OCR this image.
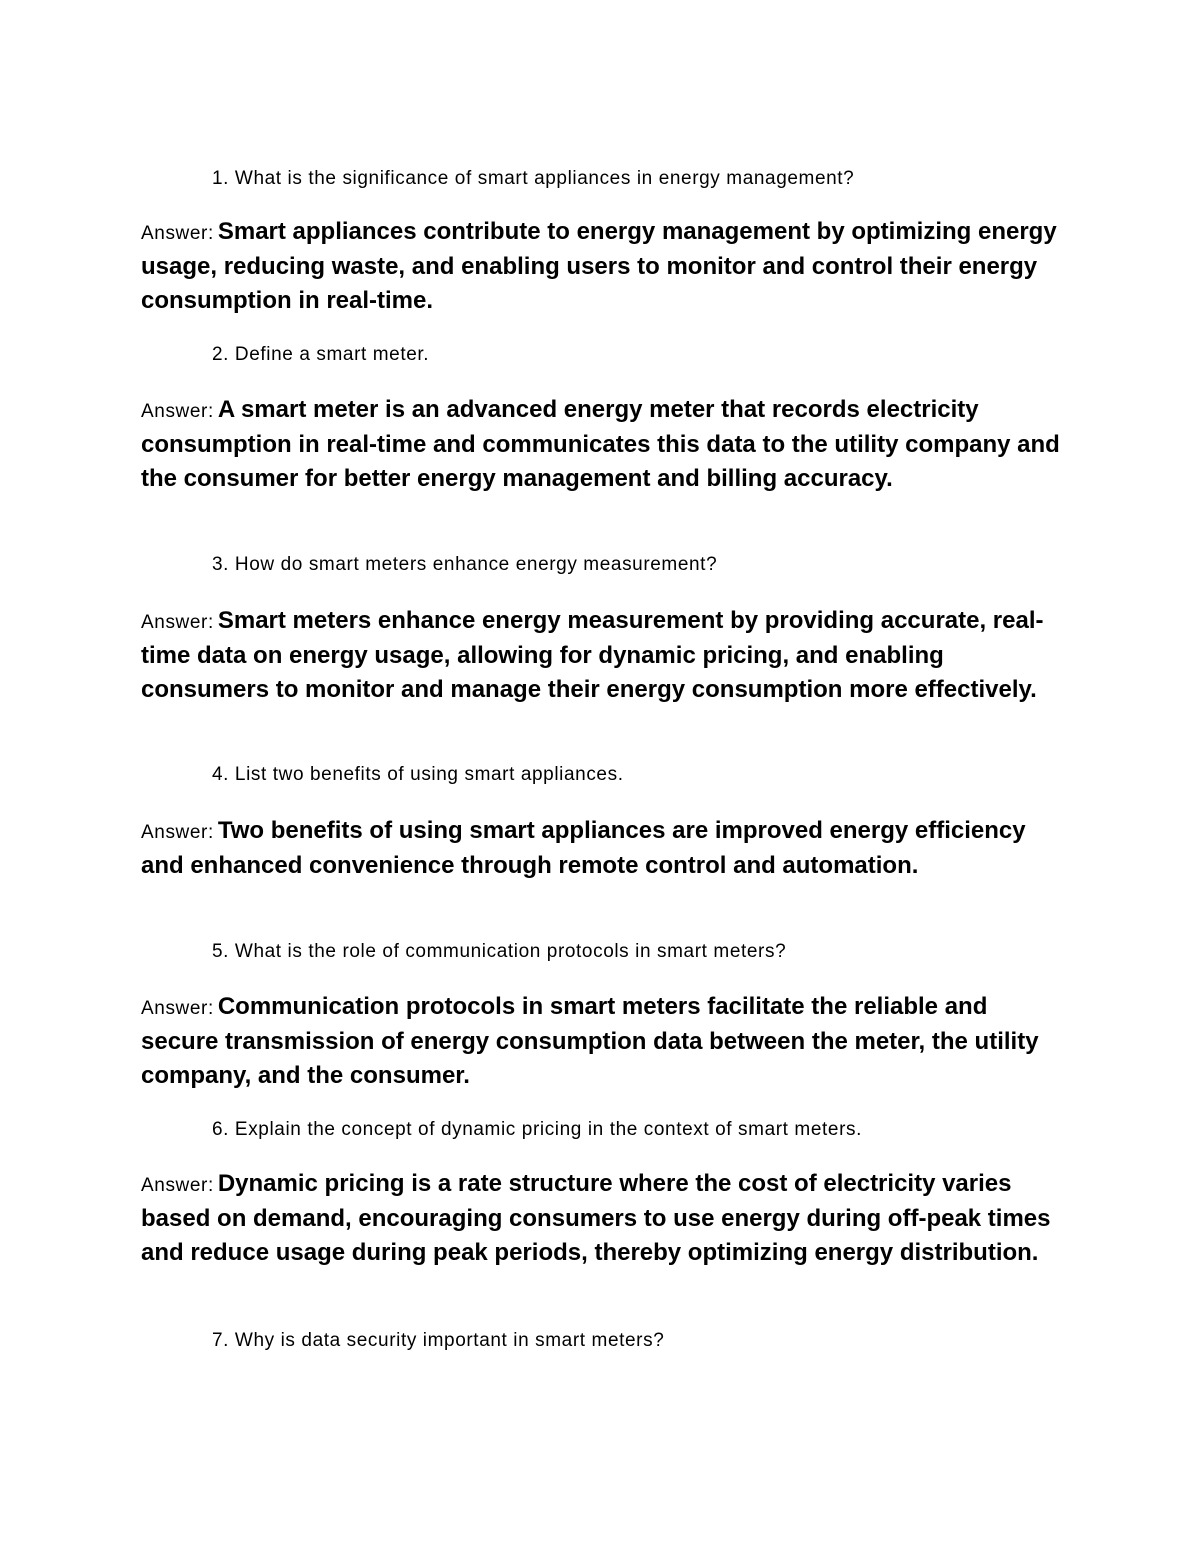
1. What is the significance of smart appliances in energy management?
Answer: Smart appliances contribute to energy management by optimizing energy usage, reducing waste, and enabling users to monitor and control their energy consumption in real-time.
2. Define a smart meter.
Answer: A smart meter is an advanced energy meter that records electricity consumption in real-time and communicates this data to the utility company and the consumer for better energy management and billing accuracy.
3. How do smart meters enhance energy measurement?
Answer: Smart meters enhance energy measurement by providing accurate, real-time data on energy usage, allowing for dynamic pricing, and enabling consumers to monitor and manage their energy consumption more effectively.
4. List two benefits of using smart appliances.
Answer: Two benefits of using smart appliances are improved energy efficiency and enhanced convenience through remote control and automation.
5. What is the role of communication protocols in smart meters?
Answer: Communication protocols in smart meters facilitate the reliable and secure transmission of energy consumption data between the meter, the utility company, and the consumer.
6. Explain the concept of dynamic pricing in the context of smart meters.
Answer: Dynamic pricing is a rate structure where the cost of electricity varies based on demand, encouraging consumers to use energy during off-peak times and reduce usage during peak periods, thereby optimizing energy distribution.
7. Why is data security important in smart meters?
